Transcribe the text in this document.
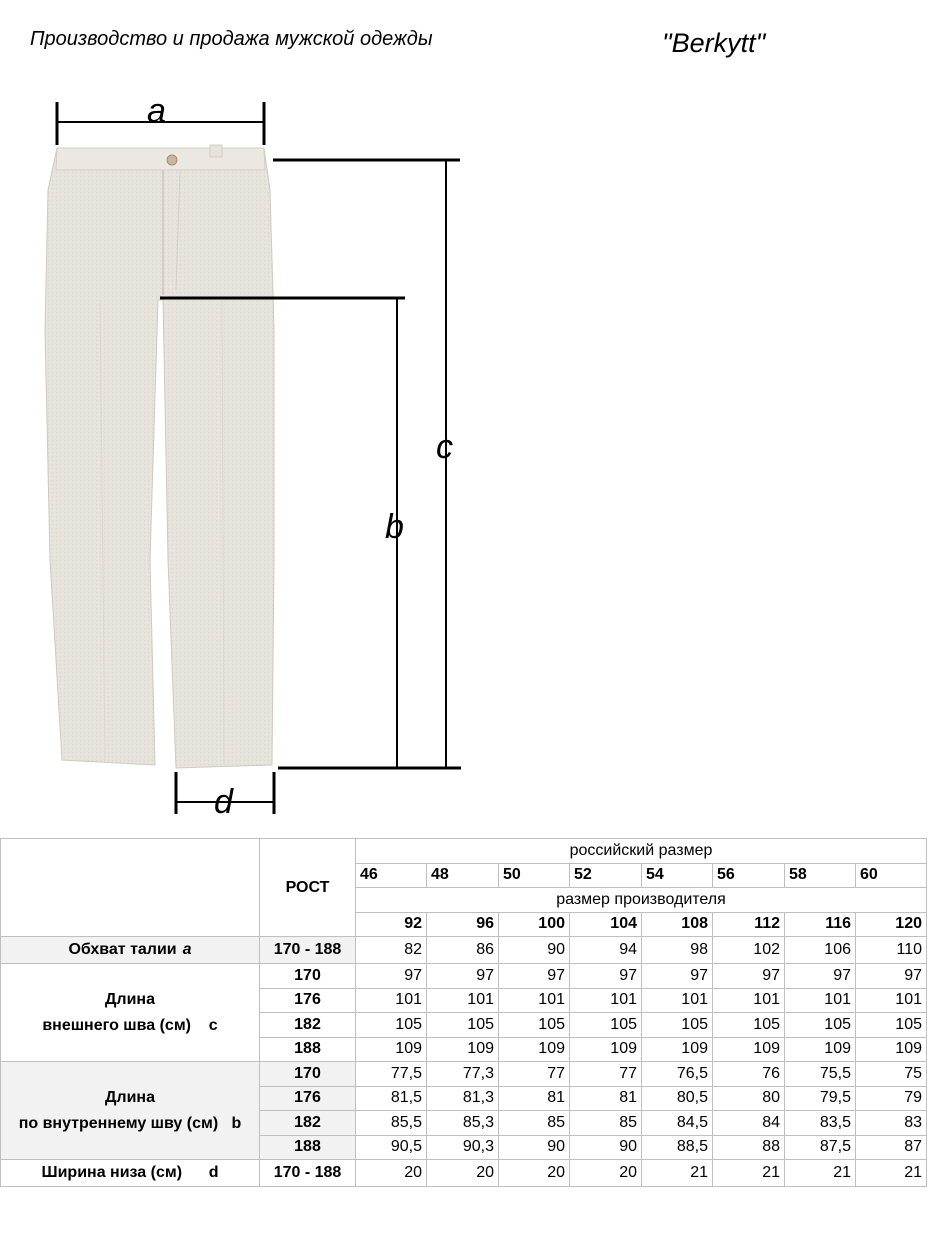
Производство и продажа мужской одежды	"Berkytt"
a
c
b
d
	РОСТ	российский размер							
		46	48	50	52	54	56	58	60
		размер производителя							
		92	96	100	104	108	112	116	120
Обхват талии a	170 - 188	82	86	90	94	98	102	106	110

Длина
внешнего шва (см) c	170	97	97	97	97	97	97	97	97
	176	101	101	101	101	101	101	101	101
	182	105	105	105	105	105	105	105	105
	188	109	109	109	109	109	109	109	109

Длина
по внутреннему шву (см) b	170	77,5	77,3	77	77	76,5	76	75,5	75
	176	81,5	81,3	81	81	80,5	80	79,5	79
	182	85,5	85,3	85	85	84,5	84	83,5	83
	188	90,5	90,3	90	90	88,5	88	87,5	87
Ширина низа (см) d	170 - 188	20	20	20	20	21	21	21	21
